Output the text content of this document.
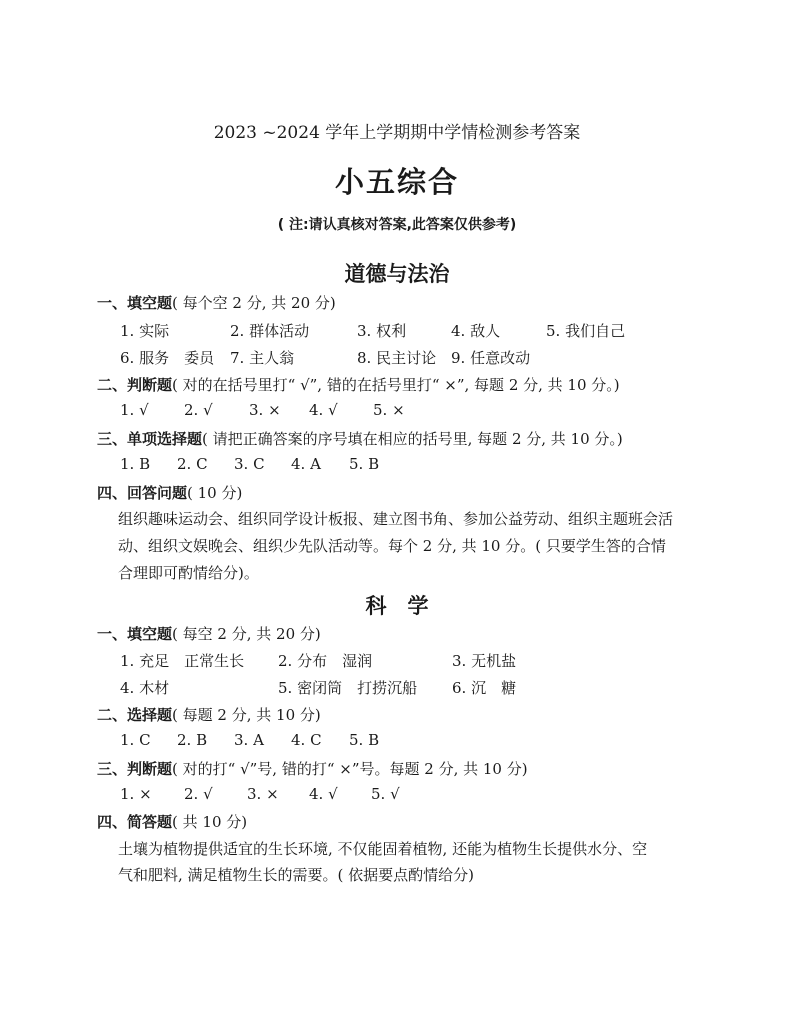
2023 ~2024 学年上学期期中学情检测参考答案
小五综合
( 注:请认真核对答案,此答案仅供参考)
道德与法治
一、填空题( 每个空 2 分, 共 20 分)
1. 实际	2. 群体活动	3. 权利	4. 敌人	5. 我们自己
6. 服务　委员 7. 主人翁	8. 民主讨论 9. 任意改动
二、判断题( 对的在括号里打“ √”, 错的在括号里打“ ×”, 每题 2 分, 共 10 分。)
1. √ 2. √ 3. × 4. √ 5. ×
三、单项选择题( 请把正确答案的序号填在相应的括号里, 每题 2 分, 共 10 分。)
1. B 2. C 3. C 4. A 5. B
四、回答问题( 10 分)
组织趣味运动会、组织同学设计板报、建立图书角、参加公益劳动、组织主题班会活
动、组织文娱晚会、组织少先队活动等。每个 2 分, 共 10 分。( 只要学生答的合情
合理即可酌情给分)。
科　学
一、填空题( 每空 2 分, 共 20 分)
1. 充足　正常生长 2. 分布　湿润	3. 无机盐
4. 木材	5. 密闭筒　打捞沉船 6. 沉　糖
二、选择题( 每题 2 分, 共 10 分)
1. C 2. B 3. A 4. C 5. B
三、判断题( 对的打“ √”号, 错的打“ ×”号。每题 2 分, 共 10 分)
1. × 2. √ 3. × 4. √ 5. √
四、简答题( 共 10 分)
土壤为植物提供适宜的生长环境, 不仅能固着植物, 还能为植物生长提供水分、空
气和肥料, 满足植物生长的需要。( 依据要点酌情给分)
